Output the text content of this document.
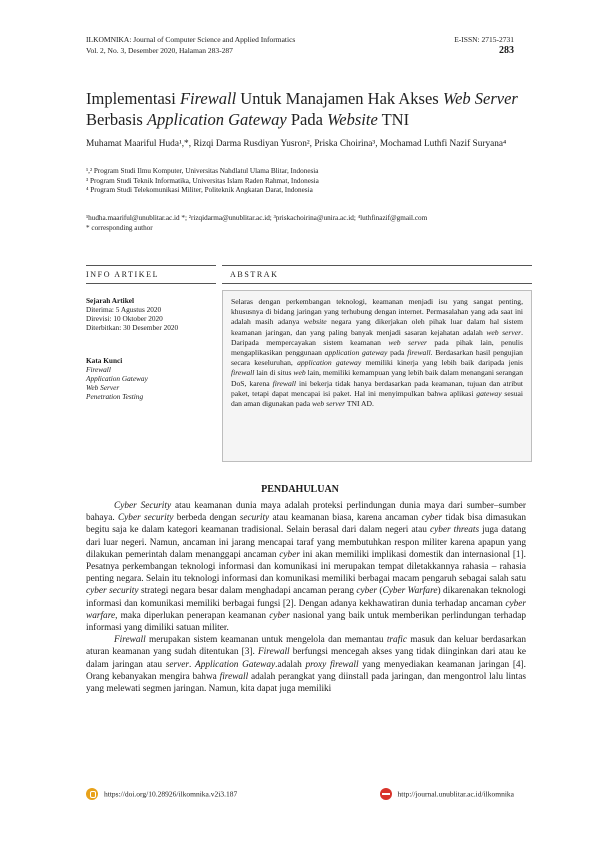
ILKOMNIKA: Journal of Computer Science and Applied Informatics
Vol. 2, No. 3, Desember 2020, Halaman 283-287
E-ISSN: 2715-2731
283
Implementasi Firewall Untuk Manajamen Hak Akses Web Server
Berbasis Application Gateway Pada Website TNI
Muhamat Maariful Huda¹,*, Rizqi Darma Rusdiyan Yusron², Priska Choirina³, Mochamad Luthfi Nazif Suryana⁴
¹,² Program Studi Ilmu Komputer, Universitas Nahdlatul Ulama Blitar, Indonesia
³ Program Studi Teknik Informatika, Universitas Islam Raden Rahmat, Indonesia
⁴ Program Studi Telekomunikasi Militer, Politeknik Angkatan Darat, Indonesia
¹hudha.maariful@unublitar.ac.id *; ²rizqidarma@unublitar.ac.id; ³priskachoirina@unira.ac.id; ⁴luthfinazif@gmail.com
* corresponding author
INFO ARTIKEL	ABSTRAK
Sejarah Artikel
Diterima: 5 Agustus 2020
Direvisi: 10 Oktober 2020
Diterbitkan: 30 Desember 2020
Kata Kunci
Firewall
Application Gateway
Web Server
Penetration Testing
Selaras dengan perkembangan teknologi, keamanan menjadi isu yang sangat penting, khususnya di bidang jaringan yang terhubung dengan internet. Permasalahan yang ada saat ini adalah masih adanya website negara yang dikerjakan oleh pihak luar dalam hal sistem keamanan jaringan, dan yang paling banyak menjadi sasaran kejahatan adalah web server. Daripada mempercayakan sistem keamanan web server pada pihak lain, penulis mengaplikasikan penggunaan application gateway pada firewall. Berdasarkan hasil pengujian secara keseluruhan, application gateway memiliki kinerja yang lebih baik daripada jenis firewall lain di situs web lain, memiliki kemampuan yang lebih baik dalam menangani serangan DoS, karena firewall ini bekerja tidak hanya berdasarkan pada keamanan, tujuan dan atribut paket, tetapi dapat mencapai isi paket. Hal ini menyimpulkan bahwa aplikasi gateway sesuai dan aman digunakan pada web server TNI AD.
PENDAHULUAN

Cyber Security atau keamanan dunia maya adalah proteksi perlindungan dunia maya dari sumber–sumber bahaya. Cyber security berbeda dengan security atau keamanan biasa, karena ancaman cyber tidak bisa dimasukan begitu saja ke dalam kategori keamanan tradisional. Selain berasal dari dalam negeri atau cyber threats juga datang dari luar negeri. Namun, ancaman ini jarang mencapai taraf yang membutuhkan respon militer karena apapun yang dilakukan pemerintah dalam menanggapi ancaman cyber ini akan memiliki implikasi domestik dan internasional [1]. Pesatnya perkembangan teknologi informasi dan komunikasi ini merupakan tempat diletakkannya rahasia – rahasia penting negara. Selain itu teknologi informasi dan komunikasi memiliki berbagai macam pengaruh sebagai salah satu cyber security strategi negara besar dalam menghadapi ancaman perang cyber (Cyber Warfare) dikarenakan teknologi informasi dan komunikasi memiliki berbagai fungsi [2]. Dengan adanya kekhawatiran dunia terhadap ancaman cyber warfare, maka diperlukan penerapan keamanan cyber nasional yang baik untuk memberikan perlindungan terhadap informasi yang dimiliki satuan militer.

Firewall merupakan sistem keamanan untuk mengelola dan memantau trafic masuk dan keluar berdasarkan aturan keamanan yang sudah ditentukan [3]. Firewall berfungsi mencegah akses yang tidak diinginkan dari atau ke dalam jaringan atau server. Application Gateway.adalah proxy firewall yang menyediakan keamanan jaringan [4]. Orang kebanyakan mengira bahwa firewall adalah perangkat yang diinstall pada jaringan, dan mengontrol lalu lintas yang melewati segmen jaringan. Namun, kita dapat juga memiliki

https://doi.org/10.28926/ilkomnika.v2i3.187	http://journal.unublitar.ac.id/ilkomnika
